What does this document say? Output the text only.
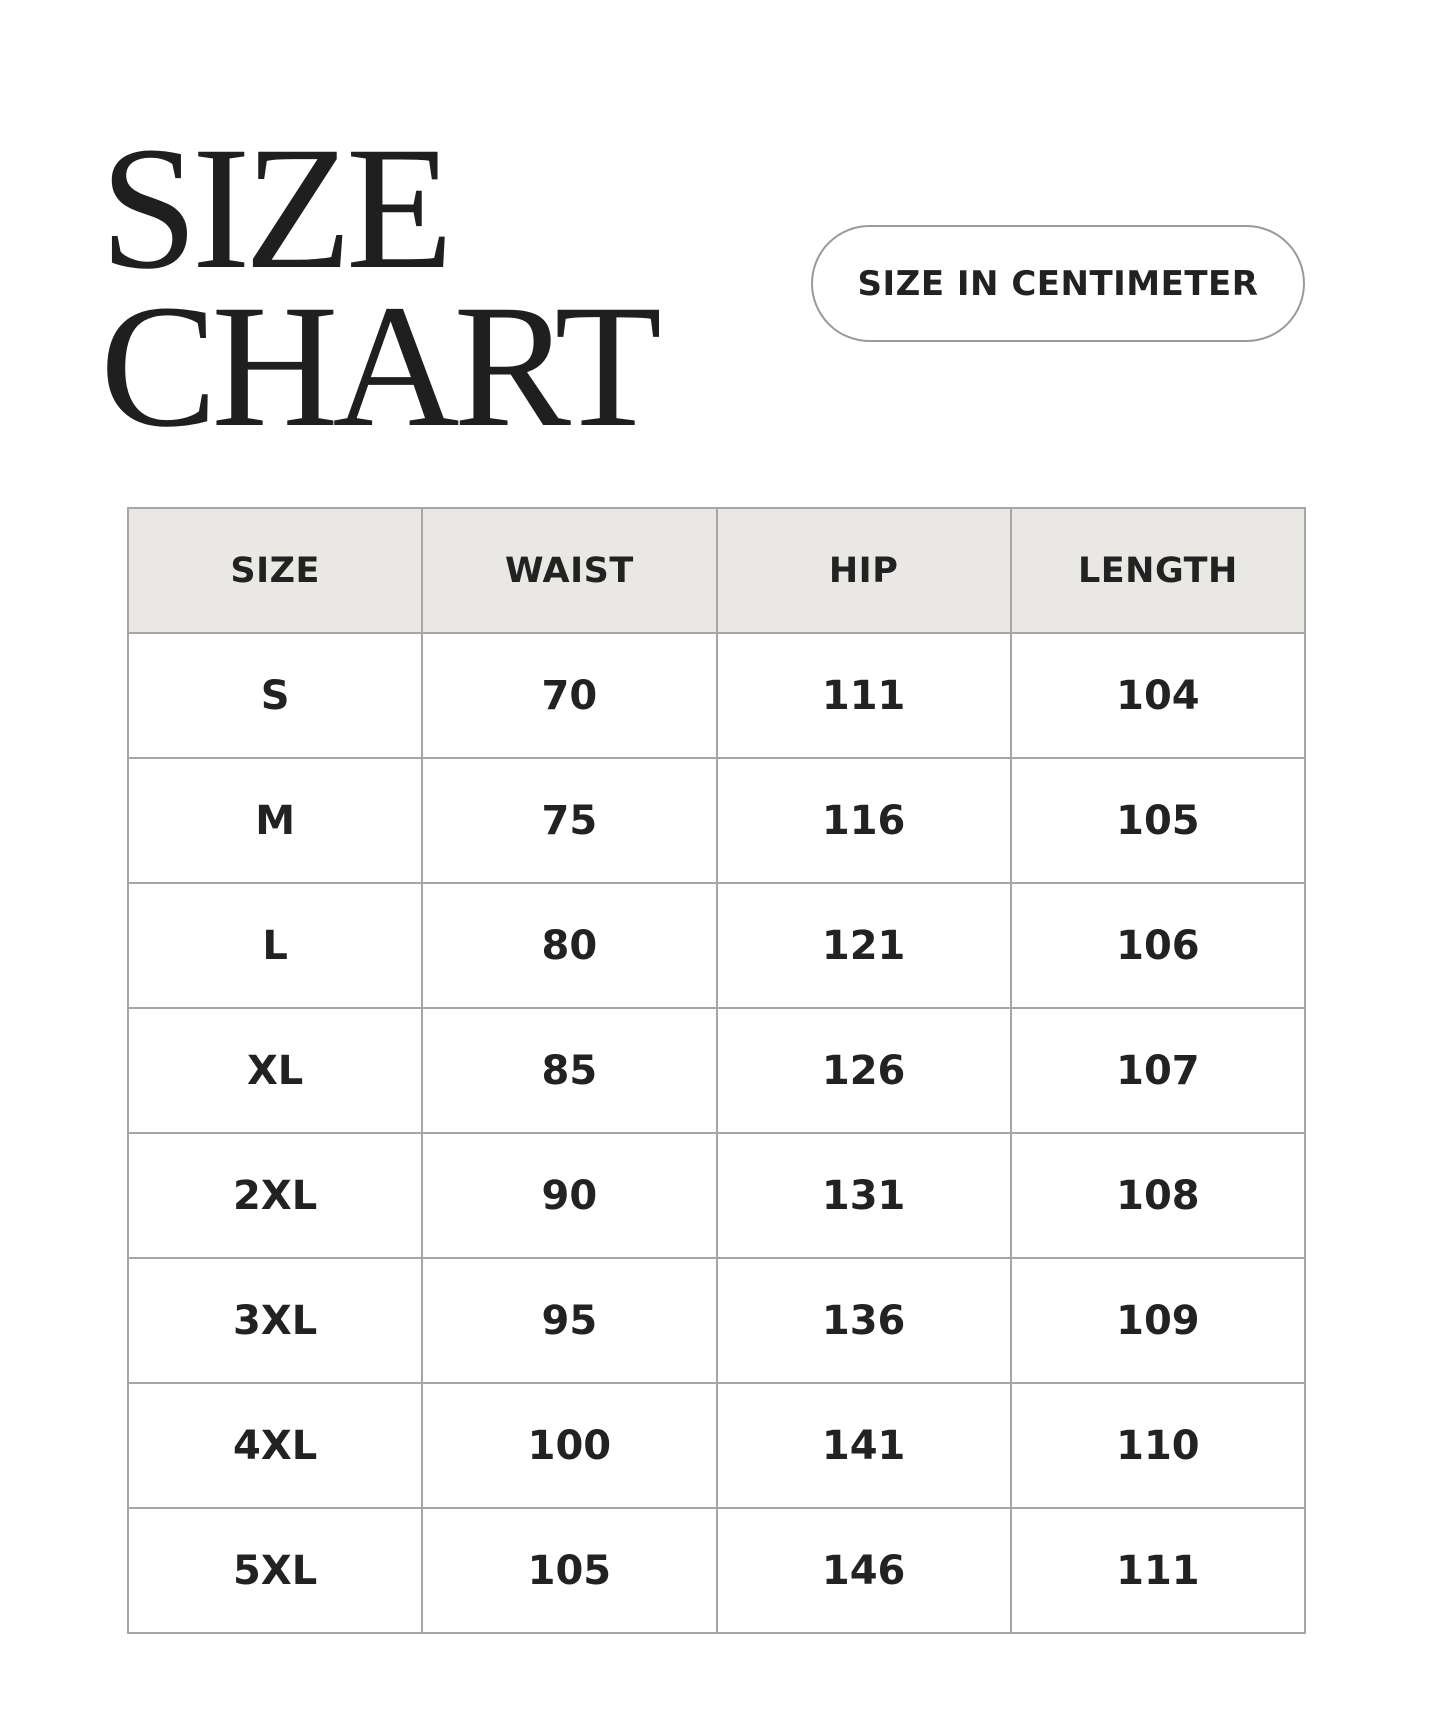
SIZE
CHART	SIZE IN CENTIMETER
SIZE	WAIST	HIP	LENGTH
S	70	111	104
M	75	116	105
L	80	121	106
XL	85	126	107
2XL	90	131	108
3XL	95	136	109
4XL	100	141	110
5XL	105	146	111
